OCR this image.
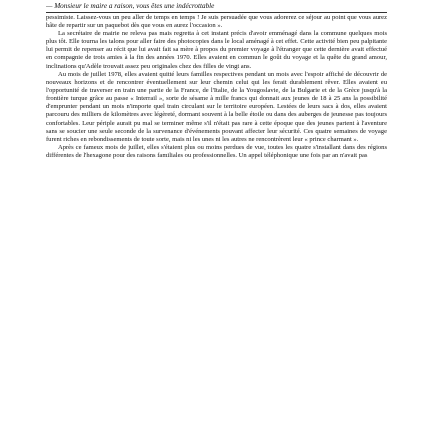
— Monsieur le maire a raison, vous êtes une indécrottable

pessimiste. Laissez-vous un peu aller de temps en temps ! Je suis persuadée que vous adorerez ce séjour au point que vous aurez hâte de repartir sur un paquebot dès que vous en aurez l'occasion ».

La secrétaire de mairie ne releva pas mais regretta à cet instant précis d'avoir emménagé dans la commune quelques mois plus tôt. Elle tourna les talons pour aller faire des photocopies dans le local aménagé à cet effet. Cette activité bien peu palpitante lui permit de repenser au récit que lui avait fait sa mère à propos du premier voyage à l'étranger que cette dernière avait effectué en compagnie de trois amies à la fin des années 1970. Elles avaient en commun le goût du voyage et la quête du grand amour, inclinations qu'Adèle trouvait assez peu originales chez des filles de vingt ans.

Au mois de juillet 1978, elles avaient quitté leurs familles respectives pendant un mois avec l'espoir affiché de découvrir de nouveaux horizons et de rencontrer éventuellement sur leur chemin celui qui les ferait durablement rêver. Elles avaient eu l'opportunité de traverser en train une partie de la France, de l'Italie, de la Yougoslavie, de la Bulgarie et de la Grèce jusqu'à la frontière turque grâce au passe « Interrail », sorte de sésame à mille francs qui donnait aux jeunes de 18 à 25 ans la possibilité d'emprunter pendant un mois n'importe quel train circulant sur le territoire européen. Lestées de leurs sacs à dos, elles avaient parcouru des milliers de kilomètres avec légèreté, dormant souvent à la belle étoile ou dans des auberges de jeunesse pas toujours confortables. Leur périple aurait pu mal se terminer même s'il n'était pas rare à cette époque que des jeunes partent à l'aventure sans se soucier une seule seconde de la survenance d'événements pouvant affecter leur sécurité. Ces quatre semaines de voyage furent riches en rebondissements de toute sorte, mais ni les unes ni les autres ne rencontrèrent leur « prince charmant ».

Après ce fameux mois de juillet, elles s'étaient plus ou moins perdues de vue, toutes les quatre s'installant dans des régions différentes de l'hexagone pour des raisons familiales ou professionnelles. Un appel téléphonique une fois par an n'avait pas
